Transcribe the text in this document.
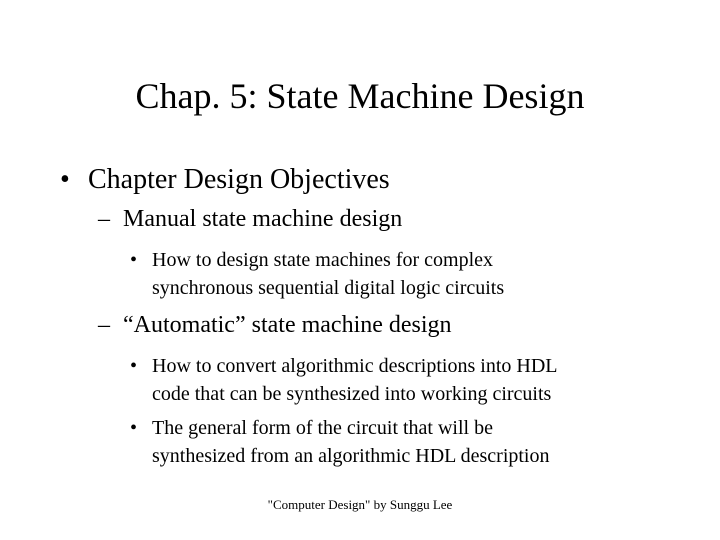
Chap. 5: State Machine Design
• Chapter Design Objectives
– Manual state machine design
• How to design state machines for complex
synchronous sequential digital logic circuits
– “Automatic” state machine design
• How to convert algorithmic descriptions into HDL
code that can be synthesized into working circuits
• The general form of the circuit that will be
synthesized from an algorithmic HDL description
"Computer Design" by Sunggu Lee
